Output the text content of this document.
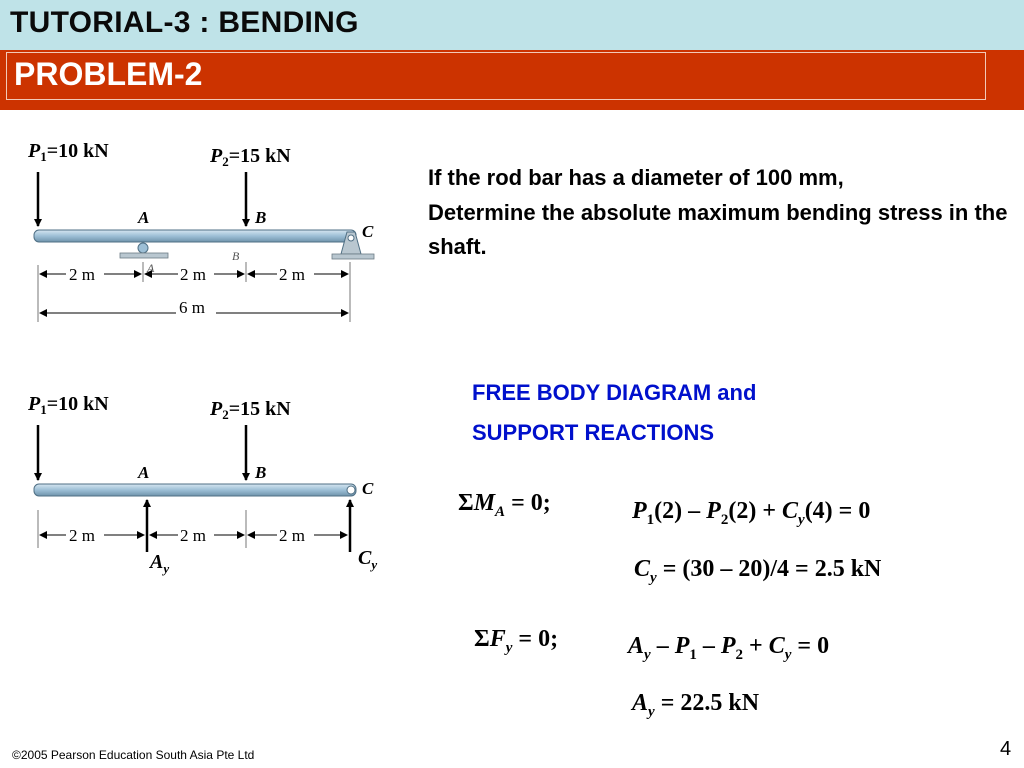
TUTORIAL-3 : BENDING
PROBLEM-2
$P_1=10$ kN	$P_2=15$ kN
A	B
C
A
B
2 m	2 m	2 m
6 m
$P_1=10$ kN	$P_2=15$ kN
A	B
C
2 m	2 m	2 m
$A_y$	$C_y$
If the rod bar has a diameter of 100 mm,

Determine the absolute maximum bending stress in the shaft.
FREE BODY DIAGRAM and
SUPPORT REACTIONS
$\Sigma M_A = 0$;	$P_1(2) - P_2(2) + C_y(4) = 0$
$C_y = (30 - 20)/4 = 2.5$ kN
$\Sigma F_y = 0$;	$A_y - P_1 - P_2 + C_y = 0$
$A_y = 22.5$ kN
©2005 Pearson Education South Asia Pte Ltd	4
